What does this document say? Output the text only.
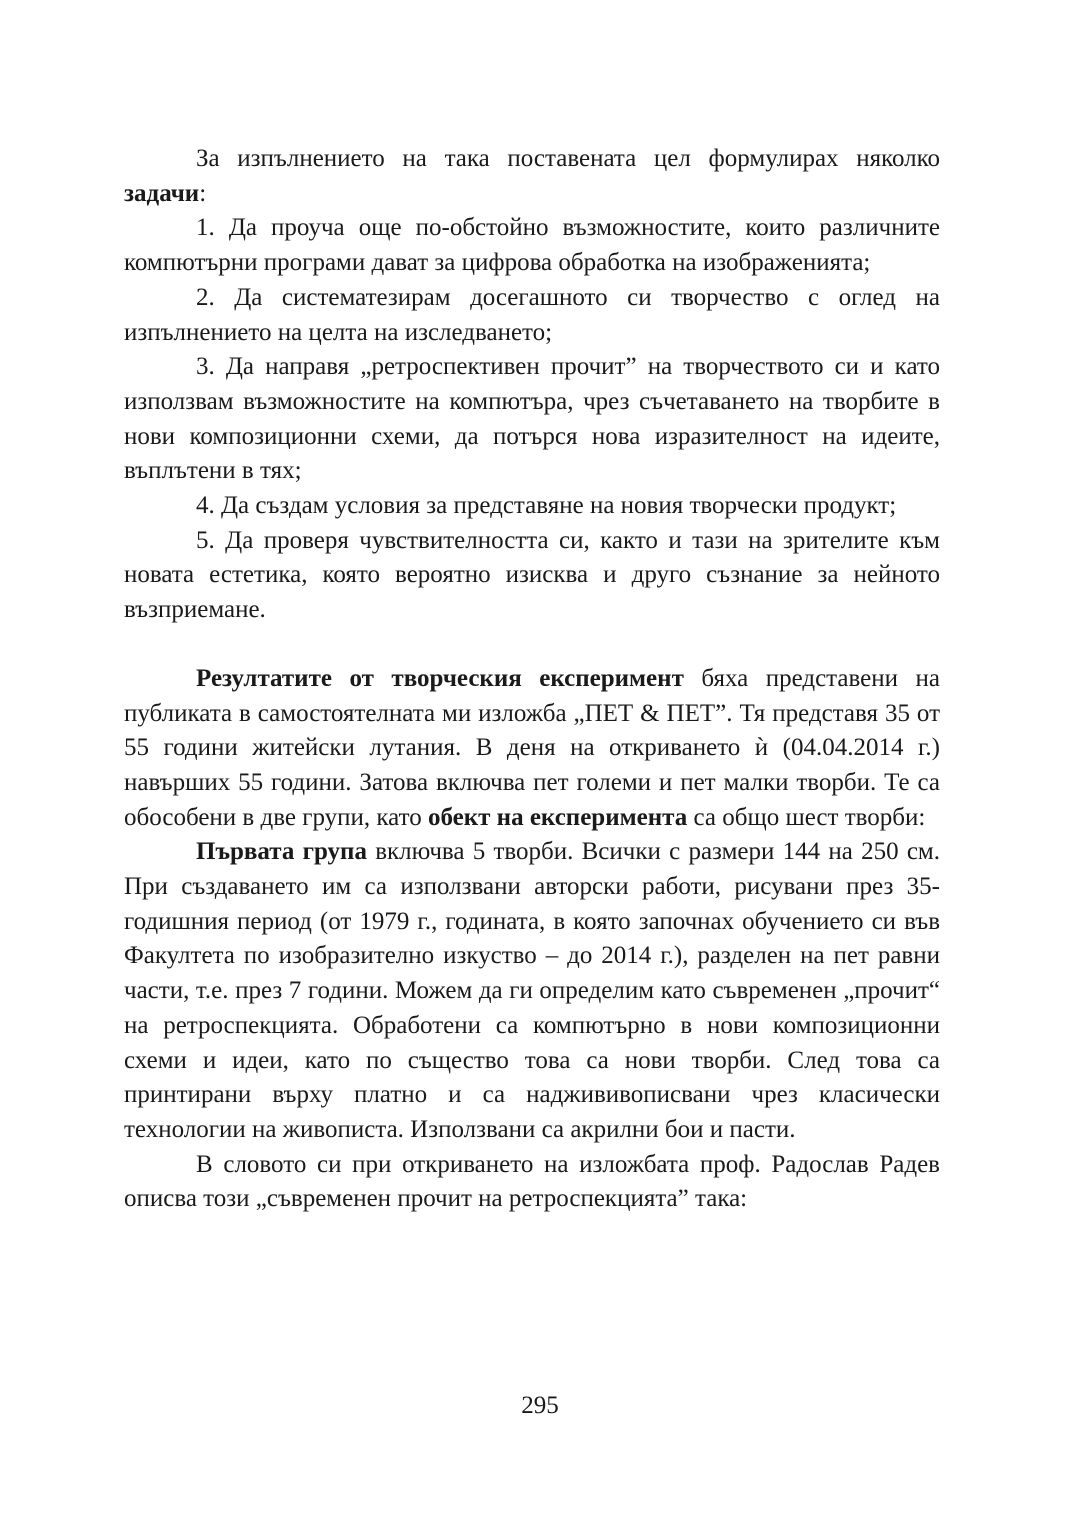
За изпълнението на така поставената цел формулирах няколко задачи:

1. Да проуча още по-обстойно възможностите, които различните компютърни програми дават за цифрова обработка на изображенията;

2. Да систематезирам досегашното си творчество с оглед на изпълнението на целта на изследването;

3. Да направя „ретроспективен прочит” на творчеството си и като използвам възможностите на компютъра, чрез съчетаването на творбите в нови композиционни схеми, да потърся нова изразителност на идеите, въплътени в тях;

4. Да създам условия за представяне на новия творчески продукт;

5. Да проверя чувствителността си, както и тази на зрителите към новата естетика, която вероятно изисква и друго съзнание за нейното възприемане.

Резултатите от творческия експеримент бяха представени на публиката в самостоятелната ми изложба „ПЕТ & ПЕТ”. Тя представя 35 от 55 години житейски лутания. В деня на откриването ѝ (04.04.2014 г.) навърших 55 години. Затова включва пет големи и пет малки творби. Те са обособени в две групи, като обект на експеримента са общо шест творби:

Първата група включва 5 творби. Всички с размери 144 на 250 см. При създаването им са използвани авторски работи, рисувани през 35-годишния период (от 1979 г., годината, в която започнах обучението си във Факултета по изобразително изкуство – до 2014 г.), разделен на пет равни части, т.е. през 7 години. Можем да ги определим като съвременен „прочит“ на ретроспекцията. Обработени са компютърно в нови композиционни схеми и идеи, като по същество това са нови творби. След това са принтирани върху платно и са наджививописвани чрез класически технологии на живописта. Използвани са акрилни бои и пасти.

В словото си при откриването на изложбата проф. Радослав Радев описва този „съвременен прочит на ретроспекцията” така:

295
